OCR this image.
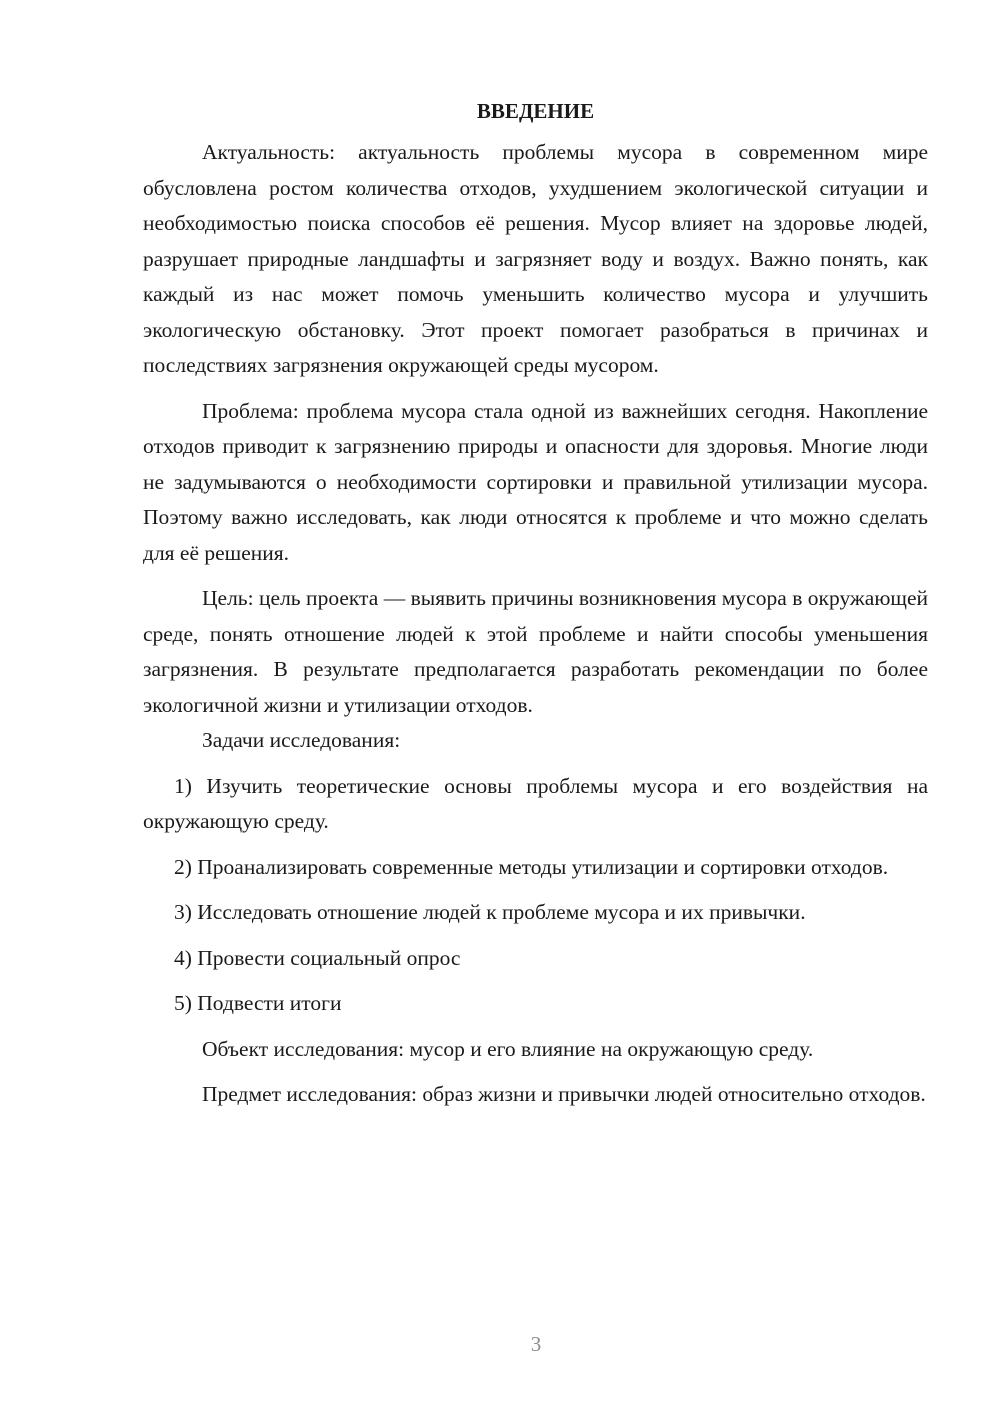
ВВЕДЕНИЕ

Актуальность: актуальность проблемы мусора в современном мире обусловлена ростом количества отходов, ухудшением экологической ситуации и необходимостью поиска способов её решения. Мусор влияет на здоровье людей, разрушает природные ландшафты и загрязняет воду и воздух. Важно понять, как каждый из нас может помочь уменьшить количество мусора и улучшить экологическую обстановку. Этот проект помогает разобраться в причинах и последствиях загрязнения окружающей среды мусором.

Проблема: проблема мусора стала одной из важнейших сегодня. Накопление отходов приводит к загрязнению природы и опасности для здоровья. Многие люди не задумываются о необходимости сортировки и правильной утилизации мусора. Поэтому важно исследовать, как люди относятся к проблеме и что можно сделать для её решения.

Цель: цель проекта — выявить причины возникновения мусора в окружающей среде, понять отношение людей к этой проблеме и найти способы уменьшения загрязнения. В результате предполагается разработать рекомендации по более экологичной жизни и утилизации отходов.

Задачи исследования:

1) Изучить теоретические основы проблемы мусора и его воздействия на окружающую среду.

2) Проанализировать современные методы утилизации и сортировки отходов.

3) Исследовать отношение людей к проблеме мусора и их привычки.

4) Провести социальный опрос

5) Подвести итоги

Объект исследования: мусор и его влияние на окружающую среду.

Предмет исследования: образ жизни и привычки людей относительно отходов.

3
